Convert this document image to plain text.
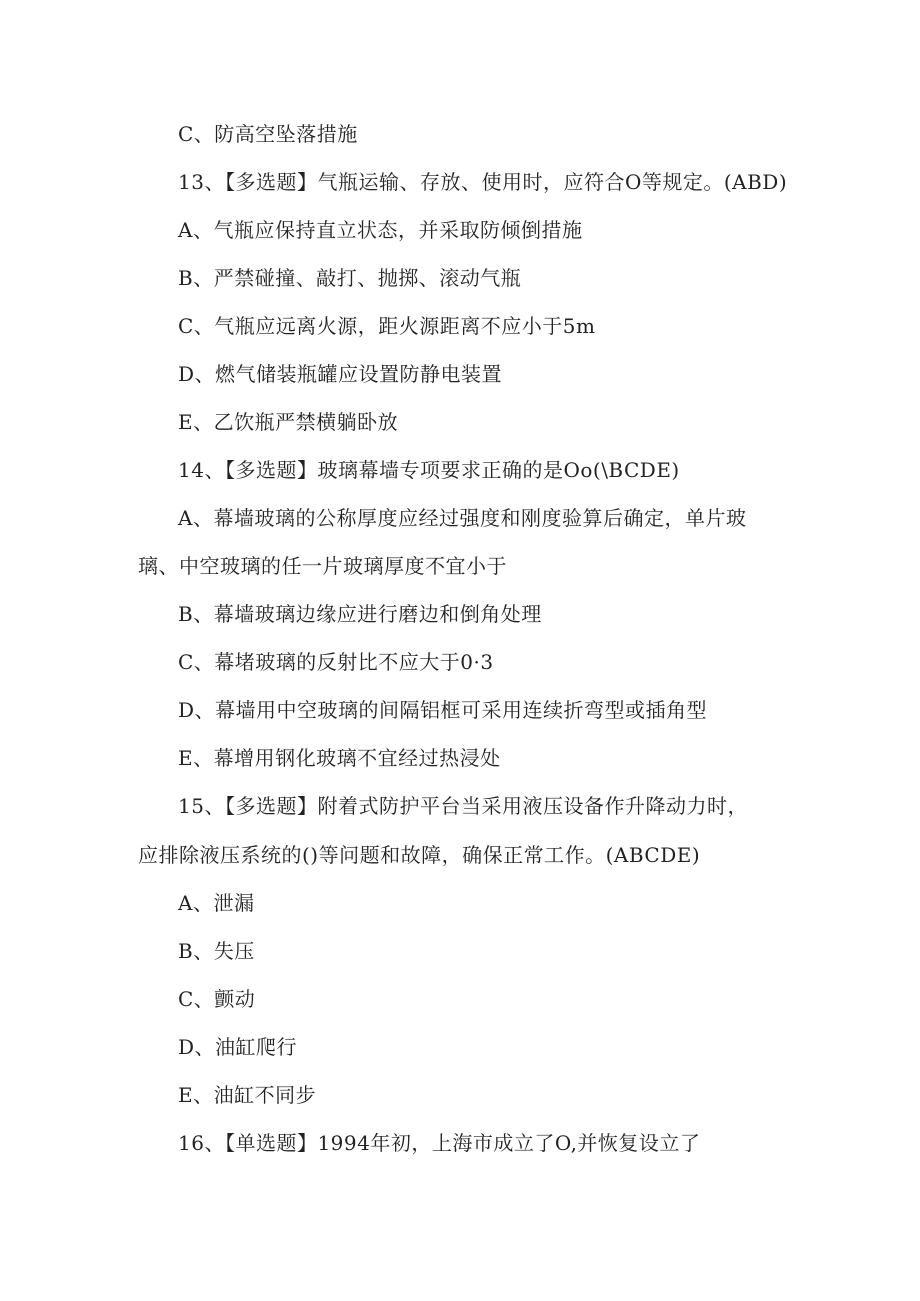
C、防高空坠落措施
13、【多选题】气瓶运输、存放、使用时，应符合O等规定。(ABD)
A、气瓶应保持直立状态，并采取防倾倒措施
B、严禁碰撞、敲打、抛掷、滚动气瓶
C、气瓶应远离火源，距火源距离不应小于5m
D、燃气储装瓶罐应设置防静电装置
E、乙饮瓶严禁横躺卧放
14、【多选题】玻璃幕墙专项要求正确的是Oo(\BCDE)
A、幕墙玻璃的公称厚度应经过强度和刚度验算后确定，单片玻
璃、中空玻璃的任一片玻璃厚度不宜小于
B、幕墙玻璃边缘应进行磨边和倒角处理
C、幕堵玻璃的反射比不应大于0·3
D、幕墙用中空玻璃的间隔铝框可采用连续折弯型或插角型
E、幕增用钢化玻璃不宜经过热浸处
15、【多选题】附着式防护平台当采用液压设备作升降动力时，
应排除液压系统的()等问题和故障，确保正常工作。(ABCDE)
A、泄漏
B、失压
C、颤动
D、油缸爬行
E、油缸不同步
16、【单选题】1994年初，上海市成立了O,并恢复设立了
